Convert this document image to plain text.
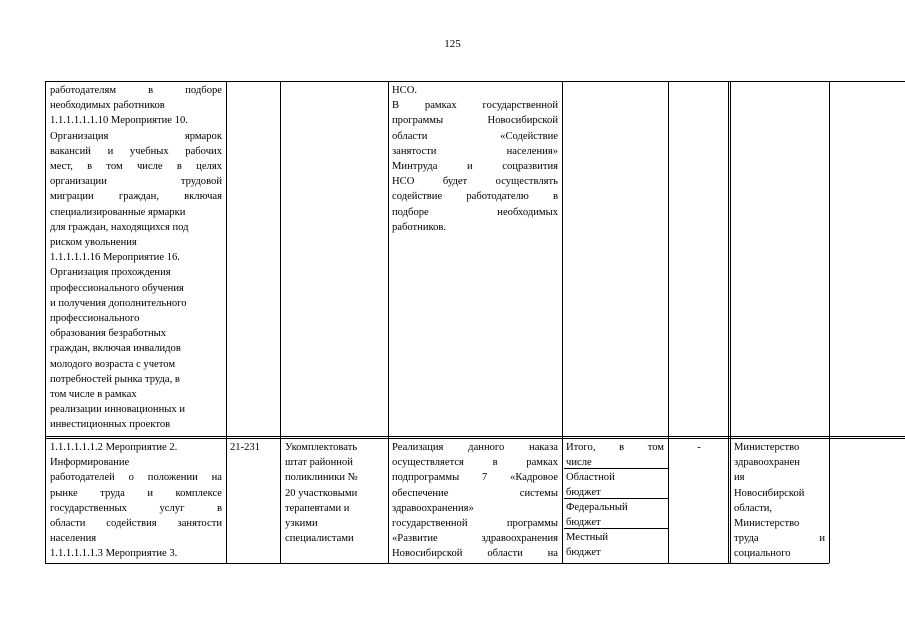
125
работодателям в подборе
необходимых работников
1.1.1.1.1.1.10 Мероприятие 10.
Организация ярмарок
вакансий и учебных рабочих
мест, в том числе в целях
организации трудовой
миграции граждан, включая
специализированные ярмарки
для граждан, находящихся под
риском увольнения
1.1.1.1.1.16 Мероприятие 16.
Организация прохождения
профессионального обучения
и получения дополнительного
профессионального
образования безработных
граждан, включая инвалидов
молодого возраста с учетом
потребностей рынка труда, в
том числе в рамках
реализации инновационных и
инвестиционных проектов
НСО.
В рамках государственной
программы Новосибирской
области «Содействие
занятости населения»
Минтруда и соцразвития
НСО будет осуществлять
содействие работодателю в
подборе необходимых
работников.
1.1.1.1.1.1.2 Мероприятие 2.
Информирование
работодателей о положении на
рынке труда и комплексе
государственных услуг в
области содействия занятости
населения
1.1.1.1.1.1.3 Мероприятие 3.
21-231	Укомплектовать
штат районной
поликлиники №
20 участковыми
терапевтами и
узкими
специалистами
Реализация данного наказа
осуществляется в рамках
подпрограммы 7 «Кадровое
обеспечение системы
здравоохранения»
государственной программы
«Развитие здравоохранения
Новосибирской области на
Итого, в том
числе
Областной
бюджет
Федеральный
бюджет
Местный
бюджет
-	Министерство
здравоохранен
ия
Новосибирской
области,
Министерство
труда и
социального
